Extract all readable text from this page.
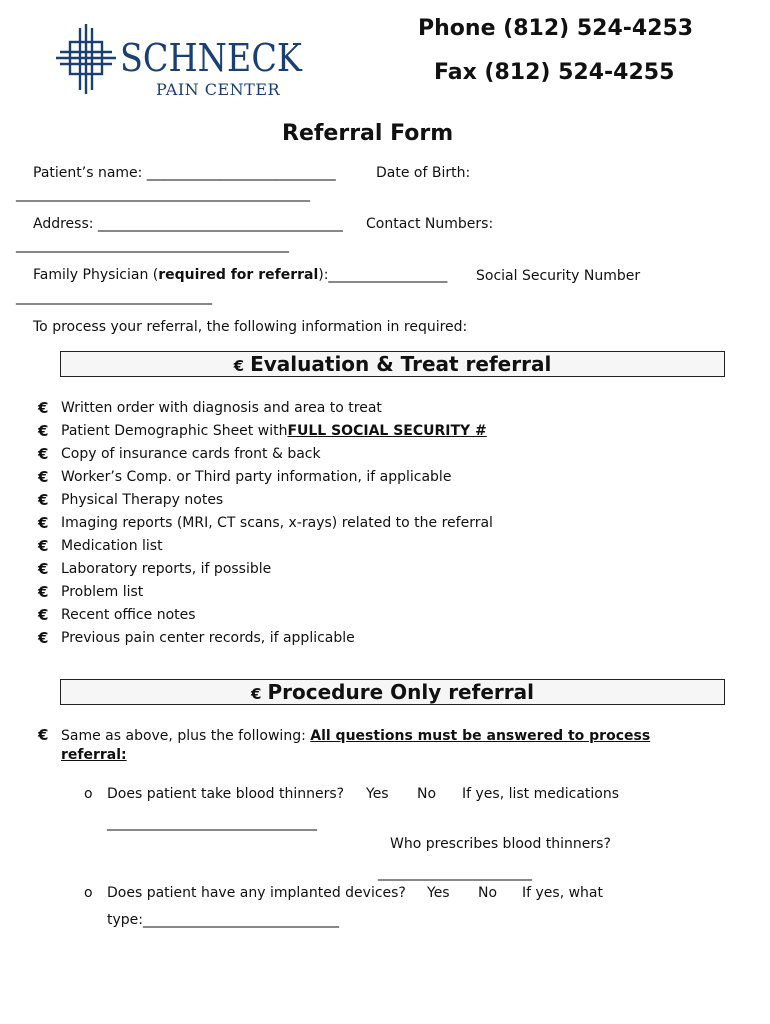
SCHNECK
PAIN CENTER
Phone (812) 524-4253
Fax (812) 524-4255
Referral Form
Patient’s name: ___________________________	Date of Birth:
__________________________________________
Address: ___________________________________ Contact Numbers:
_______________________________________
Family Physician (required for referral):_________________ Social Security Number
____________________________
To process your referral, the following information in required:
€ Evaluation & Treat referral
€ Written order with diagnosis and area to treat
€ Patient Demographic Sheet with FULL SOCIAL SECURITY #
€ Copy of insurance cards front & back
€ Worker’s Comp. or Third party information, if applicable
€ Physical Therapy notes
€ Imaging reports (MRI, CT scans, x-rays) related to the referral
€ Medication list
€ Laboratory reports, if possible
€ Problem list
€ Recent office notes
€ Previous pain center records, if applicable
€ Procedure Only referral
€ Same as above, plus the following: All questions must be answered to process
referral:
o Does patient take blood thinners? Yes No If yes, list medications
______________________________
Who prescribes blood thinners?
______________________
o Does patient have any implanted devices? Yes No If yes, what
type:____________________________
